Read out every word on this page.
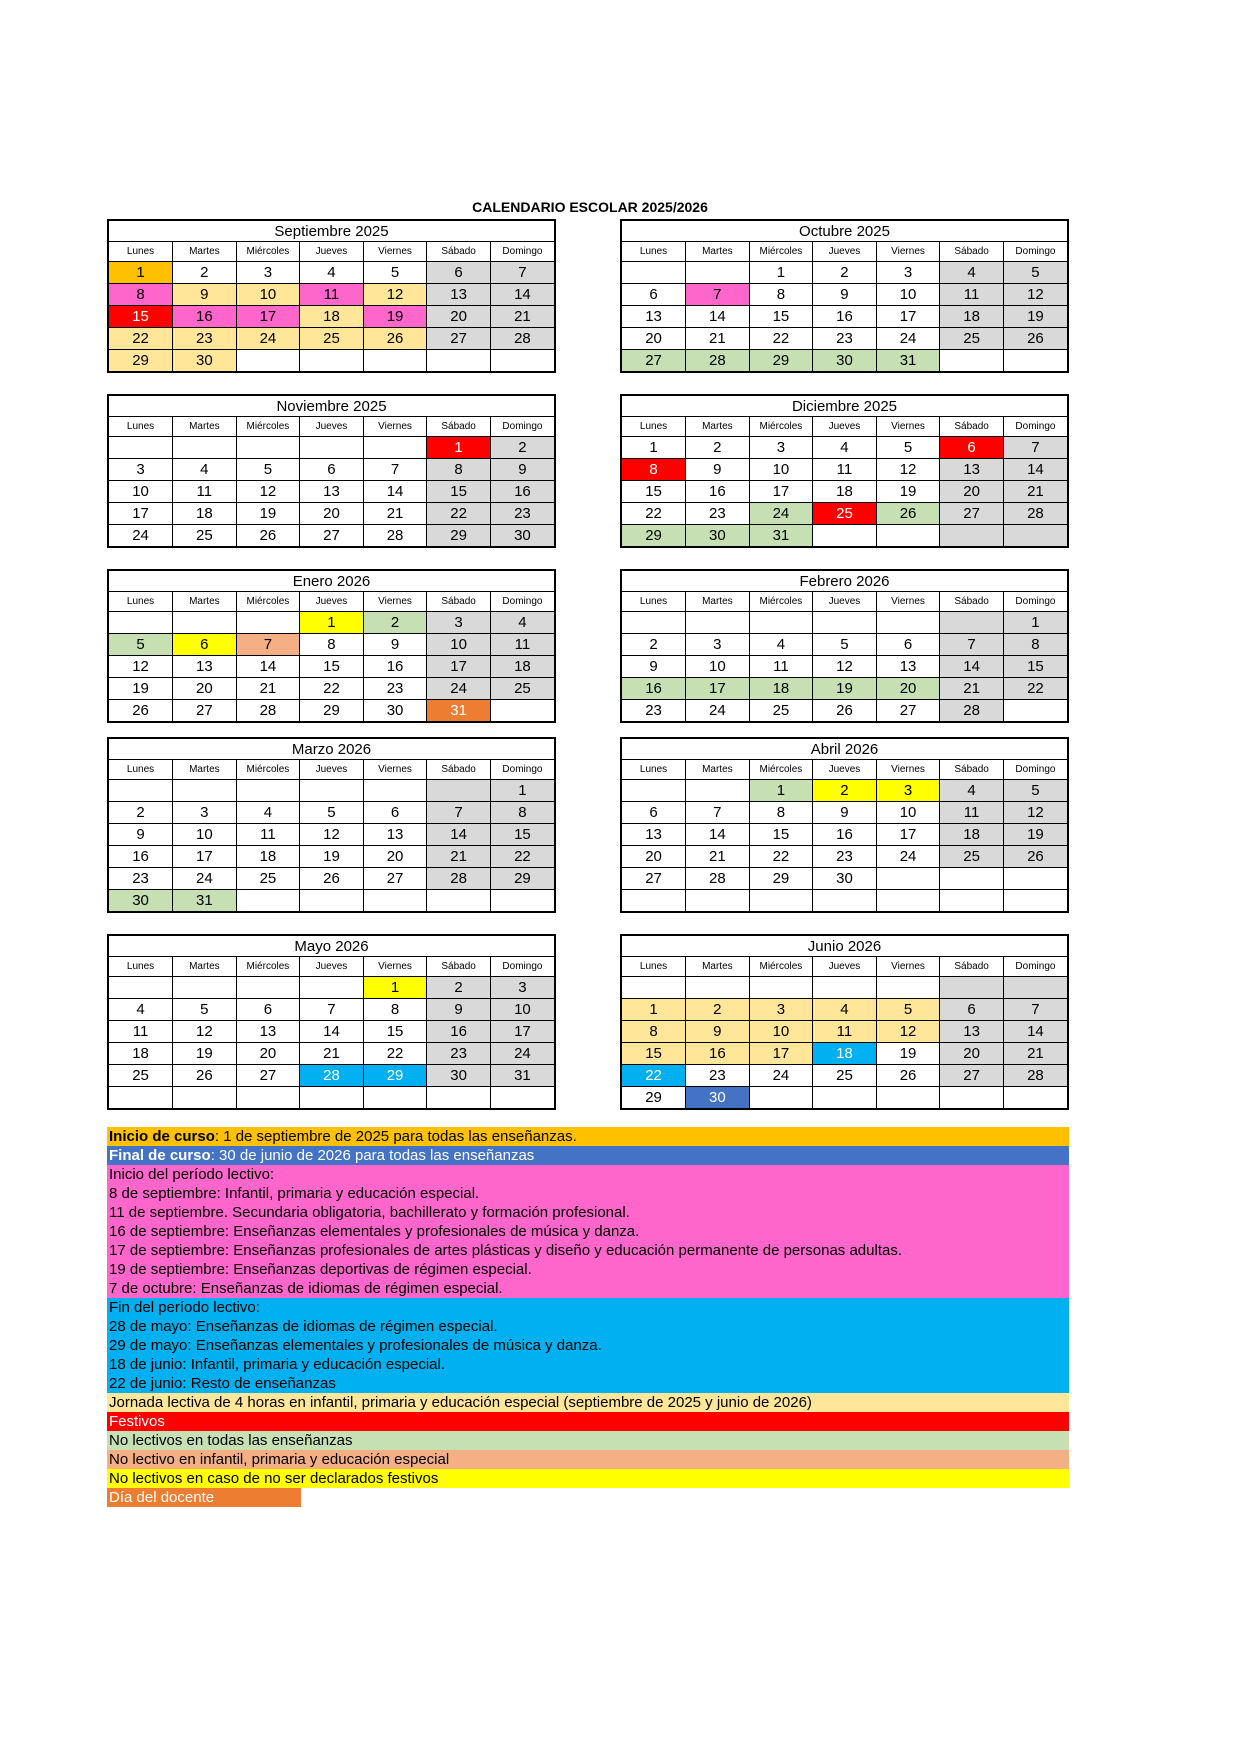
CALENDARIO ESCOLAR 2025/2026
Septiembre 2025
Lunes	Martes	Miércoles	Jueves	Viernes	Sábado	Domingo
1	2	3	4	5	6	7
8	9	10	11	12	13	14
15	16	17	18	19	20	21
22	23	24	25	26	27	28
29	30					
Octubre 2025
Lunes	Martes	Miércoles	Jueves	Viernes	Sábado	Domingo
		1	2	3	4	5
6	7	8	9	10	11	12
13	14	15	16	17	18	19
20	21	22	23	24	25	26
27	28	29	30	31		
Noviembre 2025
Lunes	Martes	Miércoles	Jueves	Viernes	Sábado	Domingo
					1	2
3	4	5	6	7	8	9
10	11	12	13	14	15	16
17	18	19	20	21	22	23
24	25	26	27	28	29	30
Diciembre 2025
Lunes	Martes	Miércoles	Jueves	Viernes	Sábado	Domingo
1	2	3	4	5	6	7
8	9	10	11	12	13	14
15	16	17	18	19	20	21
22	23	24	25	26	27	28
29	30	31				
Enero 2026
Lunes	Martes	Miércoles	Jueves	Viernes	Sábado	Domingo
			1	2	3	4
5	6	7	8	9	10	11
12	13	14	15	16	17	18
19	20	21	22	23	24	25
26	27	28	29	30	31	
Febrero 2026
Lunes	Martes	Miércoles	Jueves	Viernes	Sábado	Domingo
						1
2	3	4	5	6	7	8
9	10	11	12	13	14	15
16	17	18	19	20	21	22
23	24	25	26	27	28	
Marzo 2026
Lunes	Martes	Miércoles	Jueves	Viernes	Sábado	Domingo
						1
2	3	4	5	6	7	8
9	10	11	12	13	14	15
16	17	18	19	20	21	22
23	24	25	26	27	28	29
30	31					
Abril 2026
Lunes	Martes	Miércoles	Jueves	Viernes	Sábado	Domingo
		1	2	3	4	5
6	7	8	9	10	11	12
13	14	15	16	17	18	19
20	21	22	23	24	25	26
27	28	29	30			

Mayo 2026
Lunes	Martes	Miércoles	Jueves	Viernes	Sábado	Domingo
				1	2	3
4	5	6	7	8	9	10
11	12	13	14	15	16	17
18	19	20	21	22	23	24
25	26	27	28	29	30	31

Junio 2026
Lunes	Martes	Miércoles	Jueves	Viernes	Sábado	Domingo

1	2	3	4	5	6	7
8	9	10	11	12	13	14
15	16	17	18	19	20	21
22	23	24	25	26	27	28
29	30					
Inicio de curso: 1 de septiembre de 2025 para todas las enseñanzas.
Final de curso: 30 de junio de 2026 para todas las enseñanzas
Inicio del período lectivo:
8 de septiembre: Infantil, primaria y educación especial.
11 de septiembre. Secundaria obligatoria, bachillerato y formación profesional.
16 de septiembre: Enseñanzas elementales y profesionales de música y danza.
17 de septiembre: Enseñanzas profesionales de artes plásticas y diseño y educación permanente de personas adultas.
19 de septiembre: Enseñanzas deportivas de régimen especial.
7 de octubre: Enseñanzas de idiomas de régimen especial.
Fin del período lectivo:
28 de mayo: Enseñanzas de idiomas de régimen especial.
29 de mayo: Enseñanzas elementales y profesionales de música y danza.
18 de junio: Infantil, primaria y educación especial.
22 de junio: Resto de enseñanzas
Jornada lectiva de 4 horas en infantil, primaria y educación especial (septiembre de 2025 y junio de 2026)
Festivos
No lectivos en todas las enseñanzas
No lectivo en infantil, primaria y educación especial
No lectivos en caso de no ser declarados festivos
Día del docente
